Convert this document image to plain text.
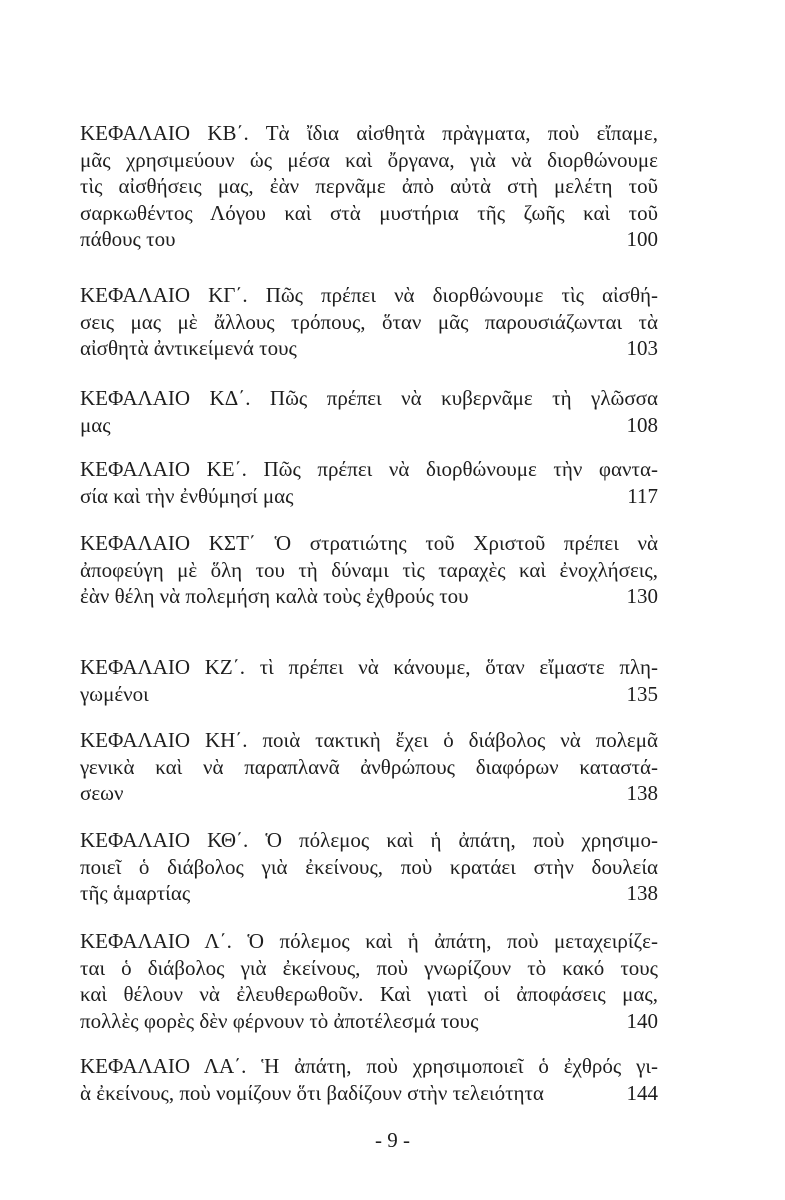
ΚΕΦΑΛΑΙΟ ΚΒ΄. Τὰ ἴδια αἰσθητὰ πρὰγματα, ποὺ εἴπαμε,
μᾶς χρησιμεύουν ὡς μέσα καὶ ὄργανα, γιὰ νὰ διορθώνουμε
τὶς αἰσθήσεις μας, ἐὰν περνᾶμε ἀπὸ αὐτὰ στὴ μελέτη τοῦ
σαρκωθέντος Λόγου καὶ στὰ μυστήρια τῆς ζωῆς καὶ τοῦ
πάθους του	100
ΚΕΦΑΛΑΙΟ ΚΓ΄. Πῶς πρέπει νὰ διορθώνουμε τὶς αἰσθή-
σεις μας μὲ ἄλλους τρόπους, ὅταν μᾶς παρουσιάζωνται τὰ
αἰσθητὰ ἀντικείμενά τους	103
ΚΕΦΑΛΑΙΟ ΚΔ΄. Πῶς πρέπει νὰ κυβερνᾶμε τὴ γλῶσσα
μας	108
ΚΕΦΑΛΑΙΟ ΚΕ΄. Πῶς πρέπει νὰ διορθώνουμε τὴν φαντα-
σία καὶ τὴν ἐνθύμησί μας	117
ΚΕΦΑΛΑΙΟ ΚΣΤ΄ Ὁ στρατιώτης τοῦ Χριστοῦ πρέπει νὰ
ἀποφεύγη μὲ ὅλη του τὴ δύναμι τὶς ταραχὲς καὶ ἐνοχλήσεις,
ἐὰν θέλη νὰ πολεμήση καλὰ τοὺς ἐχθρούς του	130
ΚΕΦΑΛΑΙΟ ΚΖ΄. τὶ πρέπει νὰ κάνουμε, ὅταν εἴμαστε πλη-
γωμένοι	135
ΚΕΦΑΛΑΙΟ ΚΗ΄. ποιὰ τακτικὴ ἔχει ὁ διάβολος νὰ πολεμᾶ
γενικὰ καὶ νὰ παραπλανᾶ ἀνθρώπους διαφόρων καταστά-
σεων	138
ΚΕΦΑΛΑΙΟ ΚΘ΄. Ὁ πόλεμος καὶ ἡ ἀπάτη, ποὺ χρησιμο-
ποιεῖ ὁ διάβολος γιὰ ἐκείνους, ποὺ κρατάει στὴν δουλεία
τῆς ἁμαρτίας	138
ΚΕΦΑΛΑΙΟ Λ΄. Ὁ πόλεμος καὶ ἡ ἀπάτη, ποὺ μεταχειρίζε-
ται ὁ διάβολος γιὰ ἐκείνους, ποὺ γνωρίζουν τὸ κακό τους
καὶ θέλουν νὰ ἐλευθερωθοῦν. Καὶ γιατὶ οἱ ἀποφάσεις μας,
πολλὲς φορὲς δὲν φέρνουν τὸ ἀποτέλεσμά τους	140
ΚΕΦΑΛΑΙΟ ΛΑ΄. Ἡ ἀπάτη, ποὺ χρησιμοποιεῖ ὁ ἐχθρός γι-
ὰ ἐκείνους, ποὺ νομίζουν ὅτι βαδίζουν στὴν τελειότητα	144
- 9 -
